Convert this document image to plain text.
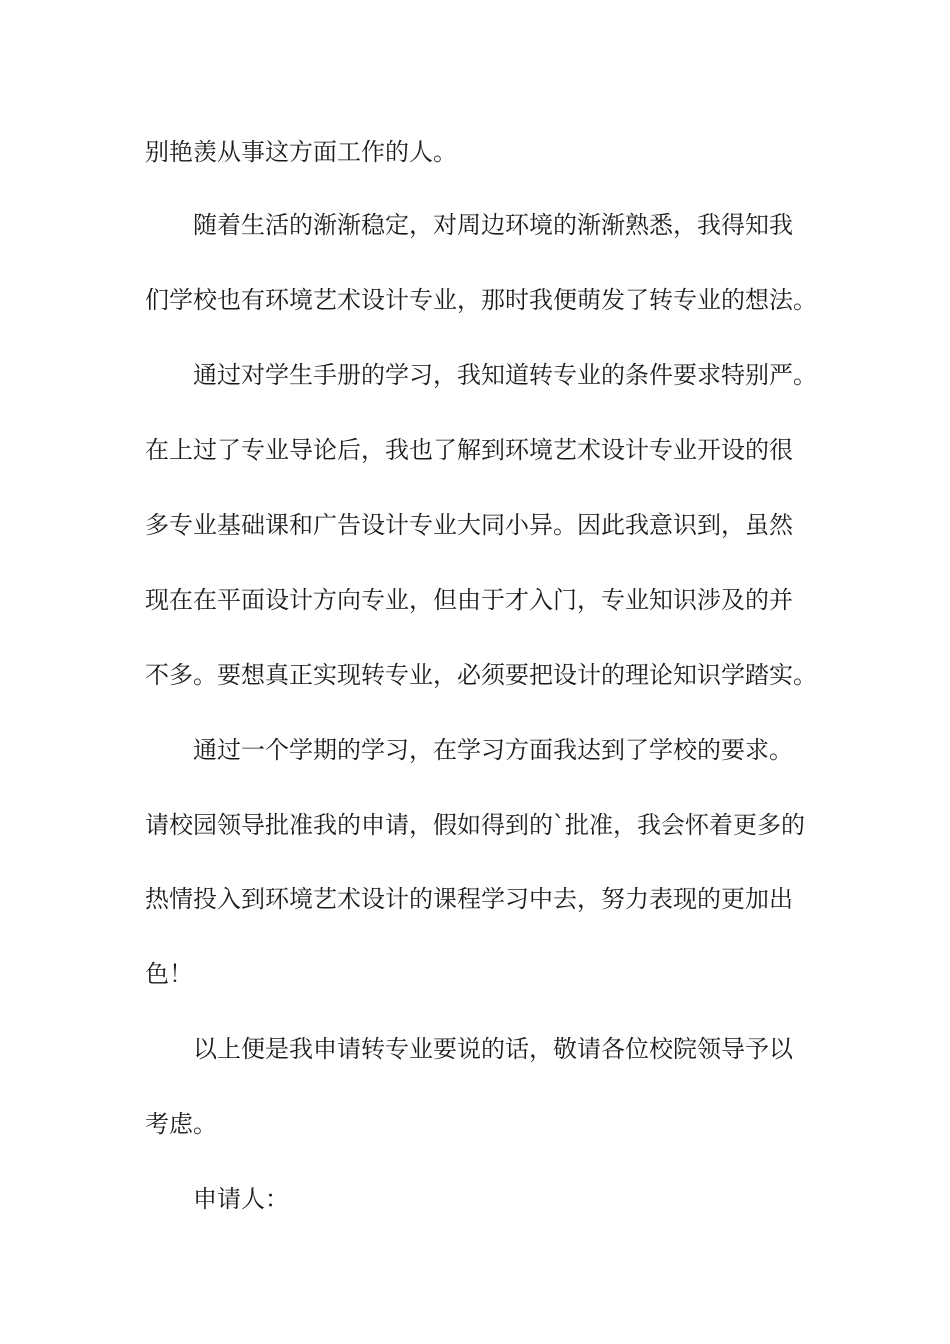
别艳羡从事这方面工作的人。
随着生活的渐渐稳定，对周边环境的渐渐熟悉，我得知我
们学校也有环境艺术设计专业，那时我便萌发了转专业的想法。
通过对学生手册的学习，我知道转专业的条件要求特别严。
在上过了专业导论后，我也了解到环境艺术设计专业开设的很
多专业基础课和广告设计专业大同小异。因此我意识到，虽然
现在在平面设计方向专业，但由于才入门，专业知识涉及的并
不多。要想真正实现转专业，必须要把设计的理论知识学踏实。
通过一个学期的学习，在学习方面我达到了学校的要求。
请校园领导批准我的申请，假如得到的`批准，我会怀着更多的
热情投入到环境艺术设计的课程学习中去，努力表现的更加出
色！
以上便是我申请转专业要说的话，敬请各位校院领导予以
考虑。
申请人：
